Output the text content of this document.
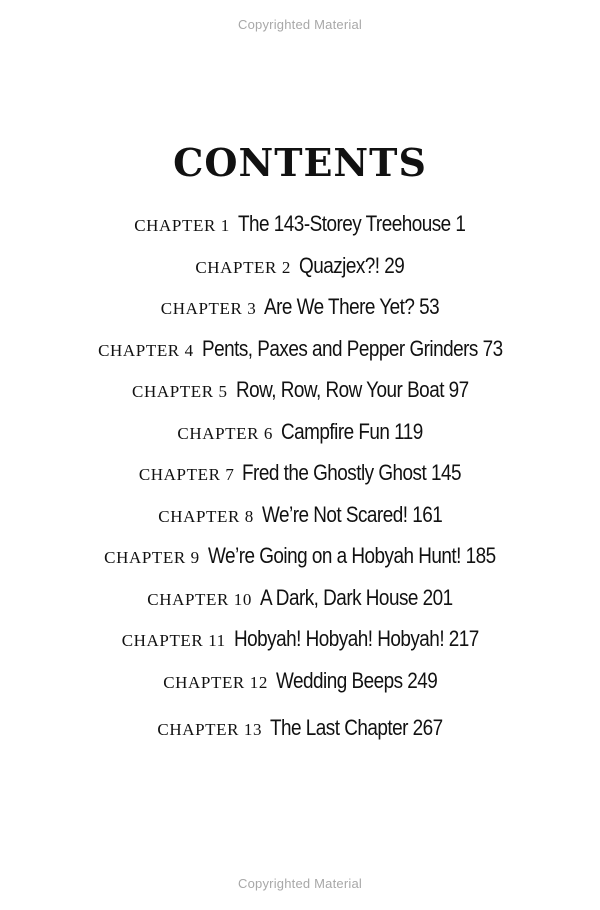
Copyrighted Material
CONTENTS
CHAPTER 1 The 143-Storey Treehouse 1
CHAPTER 2 Quazjex?! 29
CHAPTER 3 Are We There Yet? 53
CHAPTER 4 Pents, Paxes and Pepper Grinders 73
CHAPTER 5 Row, Row, Row Your Boat 97
CHAPTER 6 Campfire Fun 119
CHAPTER 7 Fred the Ghostly Ghost 145
CHAPTER 8 We’re Not Scared! 161
CHAPTER 9 We’re Going on a Hobyah Hunt! 185
CHAPTER 10 A Dark, Dark House 201
CHAPTER 11 Hobyah! Hobyah! Hobyah! 217
CHAPTER 12 Wedding Beeps 249
CHAPTER 13 The Last Chapter 267
Copyrighted Material
